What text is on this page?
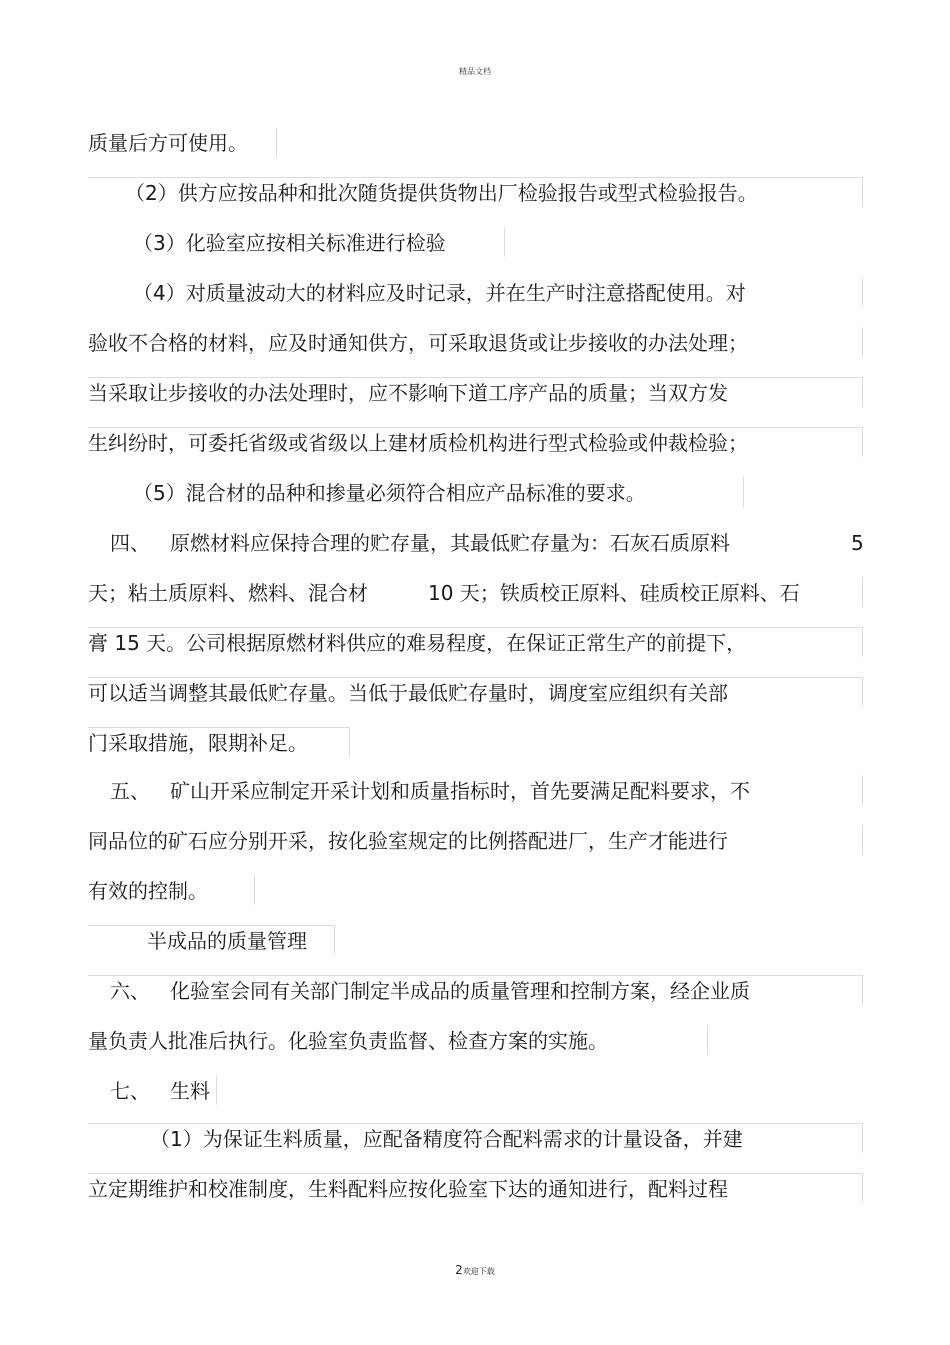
精品文档
质量后方可使用。
（2）供方应按品种和批次随货提供货物出厂检验报告或型式检验报告。
（3）化验室应按相关标准进行检验
（4）对质量波动大的材料应及时记录，并在生产时注意搭配使用。对
验收不合格的材料，应及时通知供方，可采取退货或让步接收的办法处理；
当采取让步接收的办法处理时，应不影响下道工序产品的质量；当双方发
生纠纷时，可委托省级或省级以上建材质检机构进行型式检验或仲裁检验；
（5）混合材的品种和掺量必须符合相应产品标准的要求。
四、 原燃材料应保持合理的贮存量，其最低贮存量为：石灰石质原料	5
天；粘土质原料、燃料、混合材	10 天；铁质校正原料、硅质校正原料、石
膏 15 天。公司根据原燃材料供应的难易程度，在保证正常生产的前提下，
可以适当调整其最低贮存量。当低于最低贮存量时，调度室应组织有关部
门采取措施，限期补足。
五、 矿山开采应制定开采计划和质量指标时，首先要满足配料要求，不
同品位的矿石应分别开采，按化验室规定的比例搭配进厂，生产才能进行
有效的控制。
半成品的质量管理
六、 化验室会同有关部门制定半成品的质量管理和控制方案，经企业质
量负责人批准后执行。化验室负责监督、检查方案的实施。
七、 生料
（1）为保证生料质量，应配备精度符合配料需求的计量设备，并建
立定期维护和校准制度，生料配料应按化验室下达的通知进行，配料过程
2欢迎下载
